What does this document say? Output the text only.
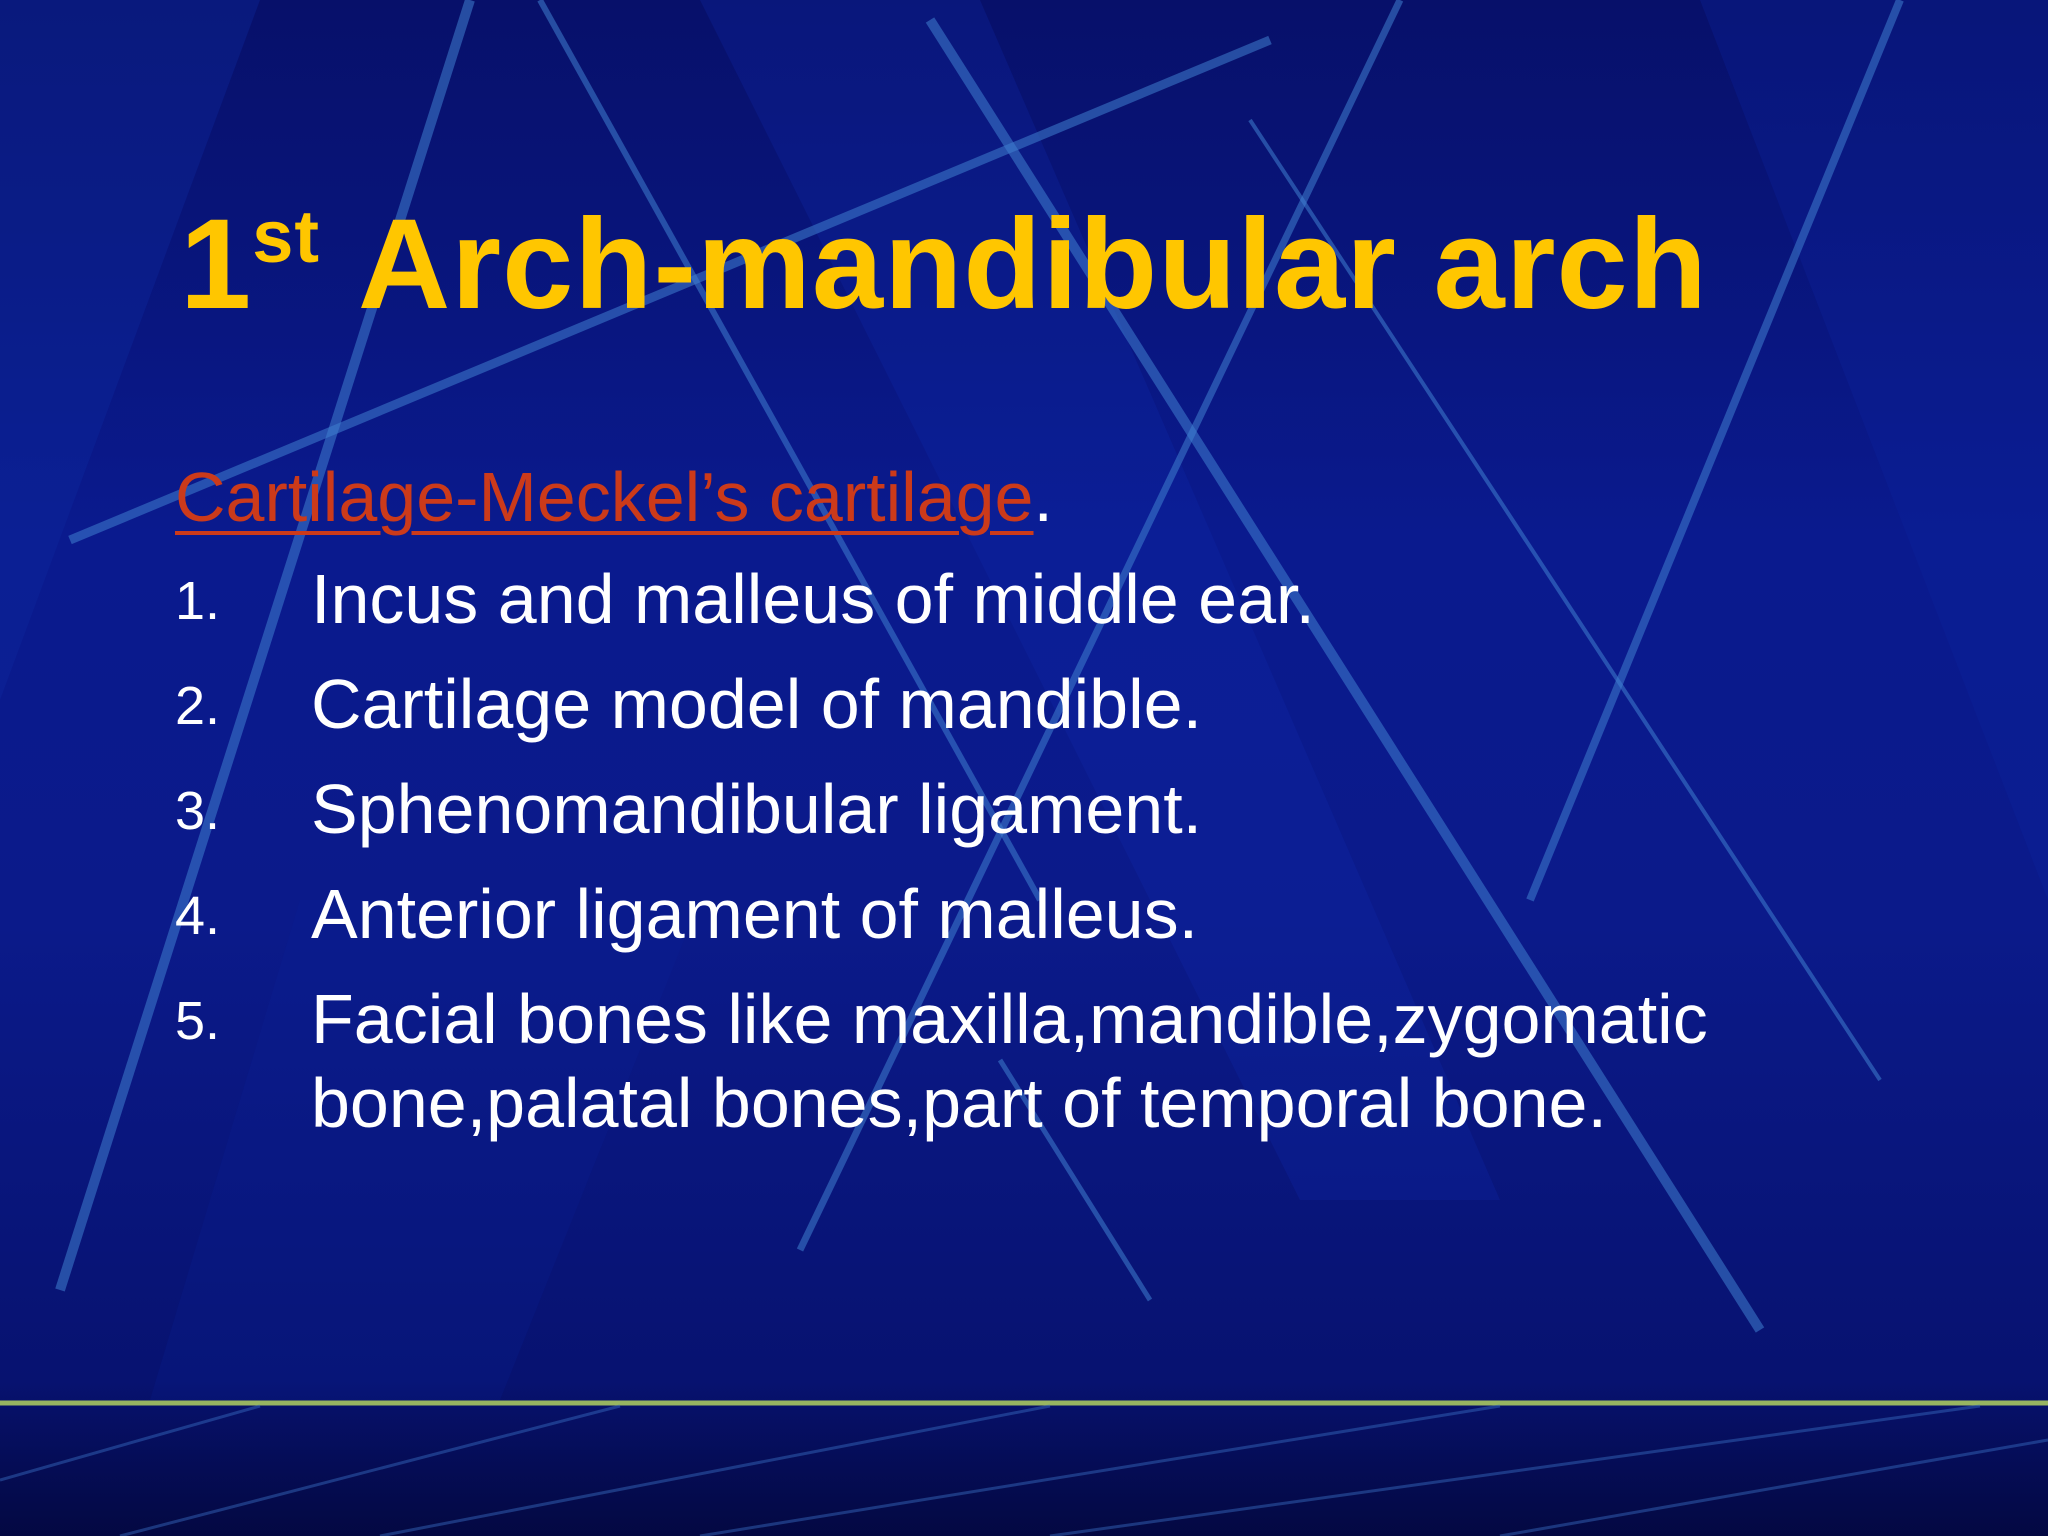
1st Arch-mandibular arch
Cartilage-Meckel’s cartilage.
1. Incus and malleus of middle ear.
2. Cartilage model of mandible.
3. Sphenomandibular ligament.
4. Anterior ligament of malleus.
5. Facial bones like maxilla,mandible,zygomatic bone,palatal bones,part of temporal bone.
